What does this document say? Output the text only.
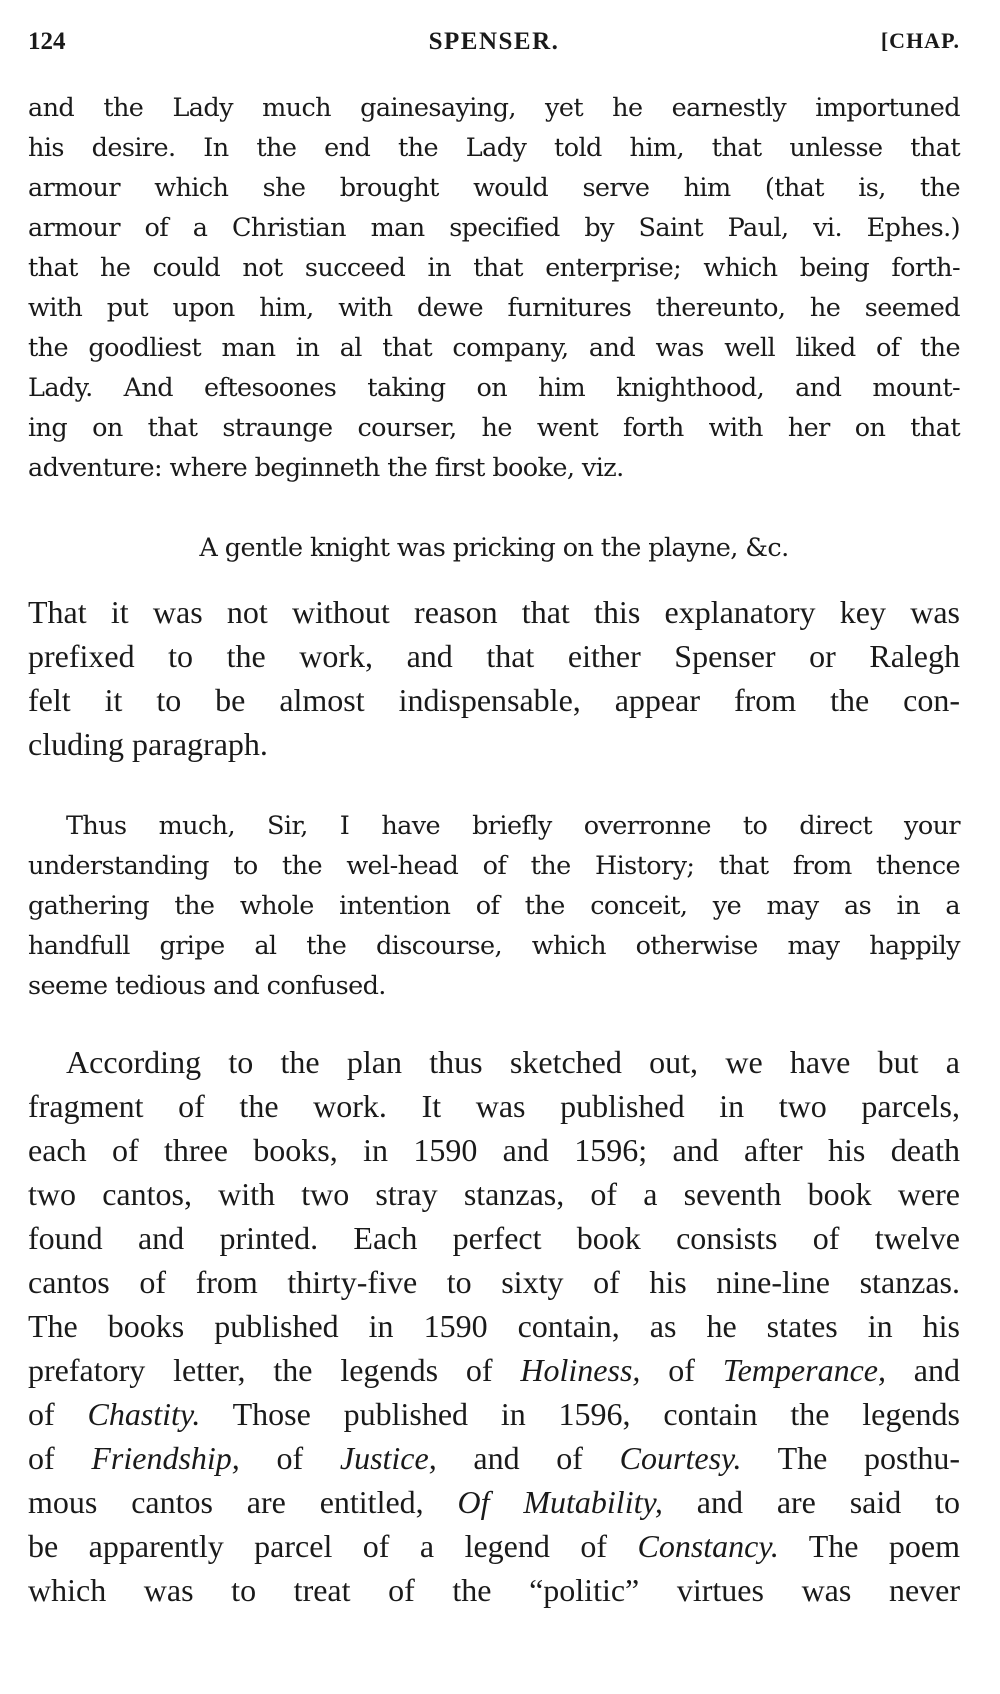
124	SPENSER.	[CHAP.
and the Lady much gainesaying, yet he earnestly importuned
his desire. In the end the Lady told him, that unlesse that
armour which she brought would serve him (that is, the
armour of a Christian man specified by Saint Paul, vi. Ephes.)
that he could not succeed in that enterprise; which being forth-
with put upon him, with dewe furnitures thereunto, he seemed
the goodliest man in al that company, and was well liked of the
Lady. And eftesoones taking on him knighthood, and mount-
ing on that straunge courser, he went forth with her on that
adventure: where beginneth the first booke, viz.
A gentle knight was pricking on the playne, &c.
That it was not without reason that this explanatory key was
prefixed to the work, and that either Spenser or Ralegh
felt it to be almost indispensable, appear from the con-
cluding paragraph.
Thus much, Sir, I have briefly overronne to direct your
understanding to the wel-head of the History; that from thence
gathering the whole intention of the conceit, ye may as in a
handfull gripe al the discourse, which otherwise may happily
seeme tedious and confused.
According to the plan thus sketched out, we have but a
fragment of the work. It was published in two parcels,
each of three books, in 1590 and 1596; and after his death
two cantos, with two stray stanzas, of a seventh book were
found and printed. Each perfect book consists of twelve
cantos of from thirty-five to sixty of his nine-line stanzas.
The books published in 1590 contain, as he states in his
prefatory letter, the legends of Holiness, of Temperance, and
of Chastity. Those published in 1596, contain the legends
of Friendship, of Justice, and of Courtesy. The posthu-
mous cantos are entitled, Of Mutability, and are said to
be apparently parcel of a legend of Constancy. The poem
which was to treat of the “politic” virtues was never
